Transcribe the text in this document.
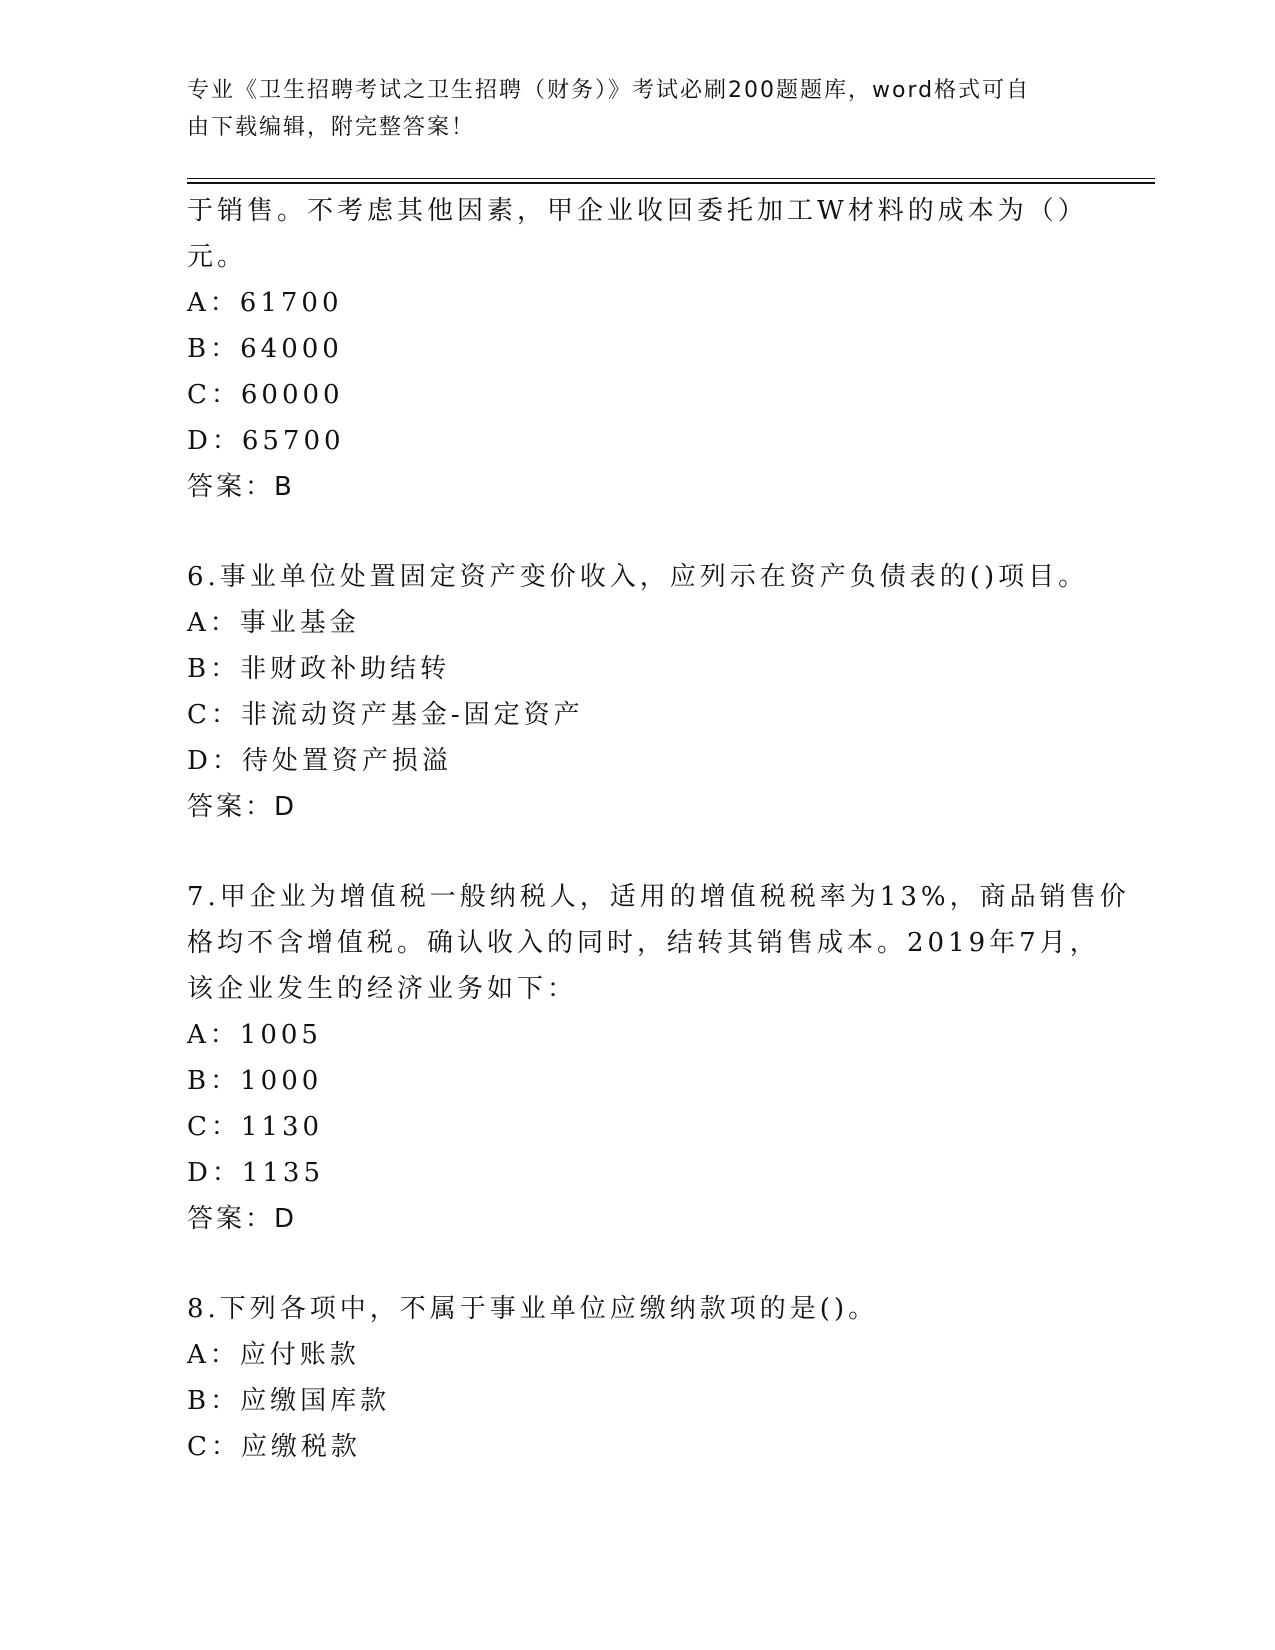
专业《卫生招聘考试之卫生招聘（财务）》考试必刷200题题库，word格式可自
由下载编辑，附完整答案！
于销售。不考虑其他因素，甲企业收回委托加工W材料的成本为（）
元。
A：61700
B：64000
C：60000
D：65700
答案：B
6.事业单位处置固定资产变价收入，应列示在资产负债表的()项目。
A：事业基金
B：非财政补助结转
C：非流动资产基金-固定资产
D：待处置资产损溢
答案：D
7.甲企业为增值税一般纳税人，适用的增值税税率为13%，商品销售价
格均不含增值税。确认收入的同时，结转其销售成本。2019年7月，
该企业发生的经济业务如下：
A：1005
B：1000
C：1130
D：1135
答案：D
8.下列各项中，不属于事业单位应缴纳款项的是()。
A：应付账款
B：应缴国库款
C：应缴税款
